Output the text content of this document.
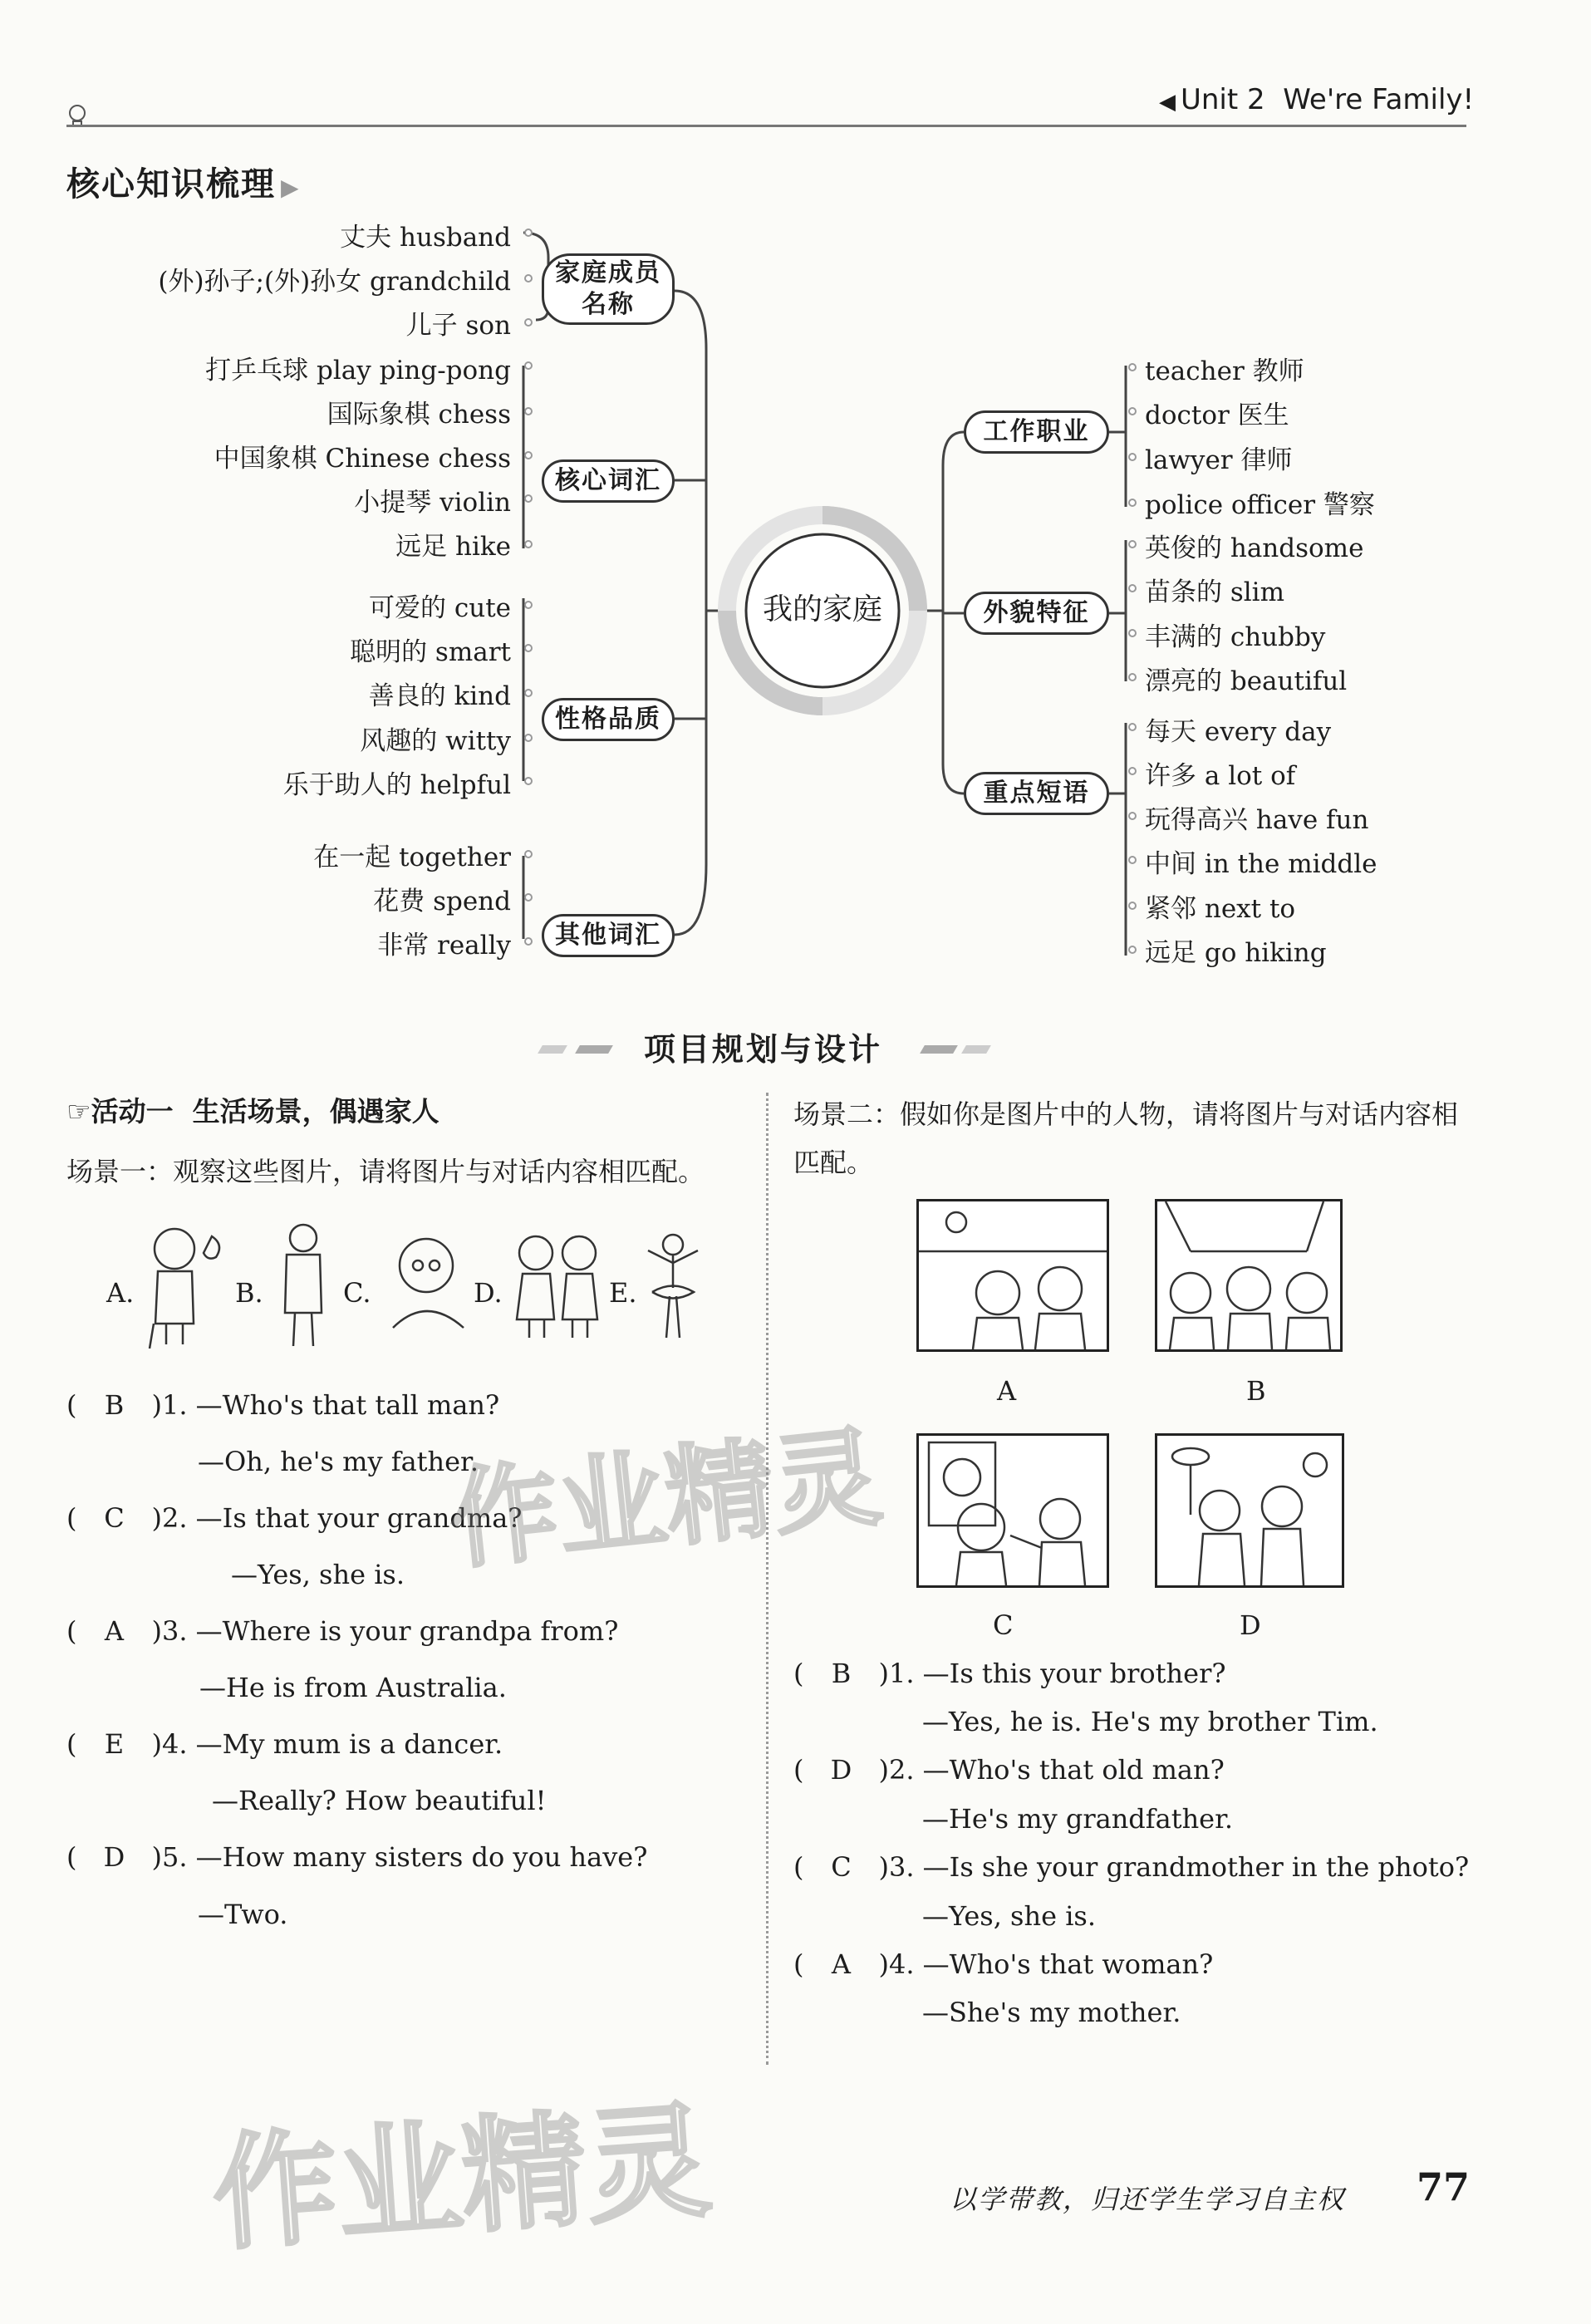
◀ Unit 2 We're Family!
核心知识梳理 ▶
我的家庭
家庭成员名称
核心词汇
性格品质
其他词汇
工作职业
外貌特征
重点短语
丈夫 husband
(外)孙子;(外)孙女 grandchild
儿子 son
打乒乓球 play ping-pong
国际象棋 chess
中国象棋 Chinese chess
小提琴 violin
远足 hike
可爱的 cute
聪明的 smart
善良的 kind
风趣的 witty
乐于助人的 helpful
在一起 together
花费 spend
非常 really
teacher 教师
doctor 医生
lawyer 律师
police officer 警察
英俊的 handsome
苗条的 slim
丰满的 chubby
漂亮的 beautiful
每天 every day
许多 a lot of
玩得高兴 have fun
中间 in the middle
紧邻 next to
远足 go hiking
项目规划与设计
☞活动一 生活场景，偶遇家人
场景一：观察这些图片，请将图片与对话内容相匹配。
A.	B.	C.	D.	E.
( B )1. —Who's that tall man?
—Oh, he's my father.
( C )2. —Is that your grandma?
—Yes, she is.
( A )3. —Where is your grandpa from?
—He is from Australia.
( E )4. —My mum is a dancer.
—Really? How beautiful!
( D )5. —How many sisters do you have?
—Two.
场景二：假如你是图片中的人物，请将图片与对话内容相匹配。
A	B
C	D
( B )1. —Is this your brother?
—Yes, he is. He's my brother Tim.
( D )2. —Who's that old man?
—He's my grandfather.
( C )3. —Is she your grandmother in the photo?
—Yes, she is.
( A )4. —Who's that woman?
—She's my mother.
作业精灵
作业精灵	以学带教，归还学生学习自主权 77
